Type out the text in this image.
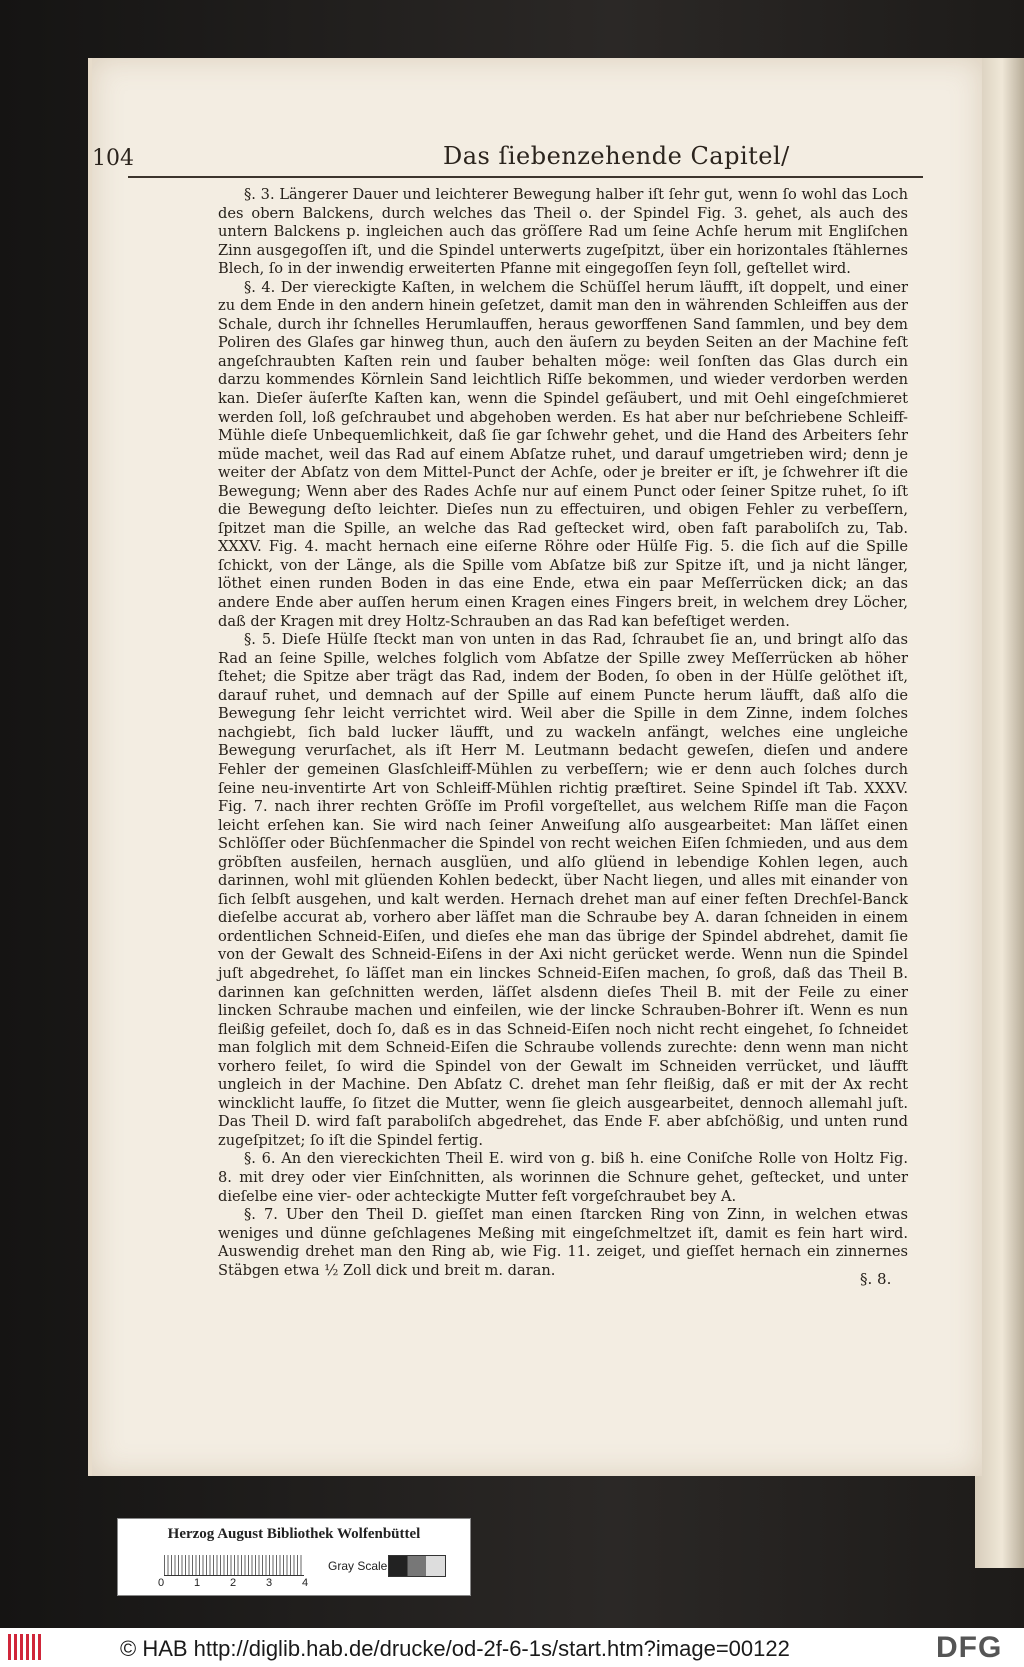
104	Das ſiebenzehende Capitel/

§. 3. Längerer Dauer und leichterer Bewegung halber iſt ſehr gut, wenn ſo wohl das Loch des obern Balckens, durch welches das Theil o. der Spindel Fig. 3. gehet, als auch des untern Balckens p. ingleichen auch das gröſſere Rad um ſeine Achſe herum mit Engliſchen Zinn ausgegoſſen iſt, und die Spindel unterwerts zugeſpitzt, über ein horizontales ſtählernes Blech, ſo in der inwendig erweiterten Pfanne mit eingegoſſen ſeyn ſoll, geſtellet wird.

§. 4. Der viereckigte Kaſten, in welchem die Schüſſel herum läufft, iſt doppelt, und einer zu dem Ende in den andern hinein geſetzet, damit man den in währenden Schleiffen aus der Schale, durch ihr ſchnelles Herumlauffen, heraus geworffenen Sand ſammlen, und bey dem Poliren des Glaſes gar hinweg thun, auch den äuſern zu beyden Seiten an der Machine feſt angeſchraubten Kaſten rein und ſauber behalten möge: weil ſonſten das Glas durch ein darzu kommendes Körnlein Sand leichtlich Riſſe bekommen, und wieder verdorben werden kan. Dieſer äuſerſte Kaſten kan, wenn die Spindel geſäubert, und mit Oehl eingeſchmieret werden ſoll, loß geſchraubet und abgehoben werden. Es hat aber nur beſchriebene Schleiff-Mühle dieſe Unbequemlichkeit, daß ſie gar ſchwehr gehet, und die Hand des Arbeiters ſehr müde machet, weil das Rad auf einem Abſatze ruhet, und darauf umgetrieben wird; denn je weiter der Abſatz von dem Mittel-Punct der Achſe, oder je breiter er iſt, je ſchwehrer iſt die Bewegung; Wenn aber des Rades Achſe nur auf einem Punct oder ſeiner Spitze ruhet, ſo iſt die Bewegung deſto leichter. Dieſes nun zu effectuiren, und obigen Fehler zu verbeſſern, ſpitzet man die Spille, an welche das Rad geſtecket wird, oben faſt paraboliſch zu, Tab. XXXV. Fig. 4. macht hernach eine eiſerne Röhre oder Hülſe Fig. 5. die ſich auf die Spille ſchickt, von der Länge, als die Spille vom Abſatze biß zur Spitze iſt, und ja nicht länger, löthet einen runden Boden in das eine Ende, etwa ein paar Meſſerrücken dick; an das andere Ende aber auſſen herum einen Kragen eines Fingers breit, in welchem drey Löcher, daß der Kragen mit drey Holtz-Schrauben an das Rad kan befeſtiget werden.

§. 5. Dieſe Hülſe ſteckt man von unten in das Rad, ſchraubet ſie an, und bringt alſo das Rad an ſeine Spille, welches folglich vom Abſatze der Spille zwey Meſſerrücken ab höher ſtehet; die Spitze aber trägt das Rad, indem der Boden, ſo oben in der Hülſe gelöthet iſt, darauf ruhet, und demnach auf der Spille auf einem Puncte herum läufft, daß alſo die Bewegung ſehr leicht verrichtet wird. Weil aber die Spille in dem Zinne, indem ſolches nachgiebt, ſich bald lucker läufft, und zu wackeln anfängt, welches eine ungleiche Bewegung verurſachet, als iſt Herr M. Leutmann bedacht geweſen, dieſen und andere Fehler der gemeinen Glasſchleiff-Mühlen zu verbeſſern; wie er denn auch ſolches durch ſeine neu-inventirte Art von Schleiff-Mühlen richtig præſtiret. Seine Spindel iſt Tab. XXXV. Fig. 7. nach ihrer rechten Gröſſe im Profil vorgeſtellet, aus welchem Riſſe man die Façon leicht erſehen kan. Sie wird nach ſeiner Anweiſung alſo ausgearbeitet: Man läſſet einen Schlöſſer oder Büchſenmacher die Spindel von recht weichen Eiſen ſchmieden, und aus dem gröbſten ausfeilen, hernach ausglüen, und alſo glüend in lebendige Kohlen legen, auch darinnen, wohl mit glüenden Kohlen bedeckt, über Nacht liegen, und alles mit einander von ſich ſelbſt ausgehen, und kalt werden. Hernach drehet man auf einer feſten Drechſel-Banck dieſelbe accurat ab, vorhero aber läſſet man die Schraube bey A. daran ſchneiden in einem ordentlichen Schneid-Eiſen, und dieſes ehe man das übrige der Spindel abdrehet, damit ſie von der Gewalt des Schneid-Eiſens in der Axi nicht gerücket werde. Wenn nun die Spindel juſt abgedrehet, ſo läſſet man ein linckes Schneid-Eiſen machen, ſo groß, daß das Theil B. darinnen kan geſchnitten werden, läſſet alsdenn dieſes Theil B. mit der Feile zu einer lincken Schraube machen und einfeilen, wie der lincke Schrauben-Bohrer iſt. Wenn es nun fleißig gefeilet, doch ſo, daß es in das Schneid-Eiſen noch nicht recht eingehet, ſo ſchneidet man folglich mit dem Schneid-Eiſen die Schraube vollends zurechte: denn wenn man nicht vorhero feilet, ſo wird die Spindel von der Gewalt im Schneiden verrücket, und läufft ungleich in der Machine. Den Abſatz C. drehet man ſehr fleißig, daß er mit der Ax recht wincklicht lauffe, ſo ſitzet die Mutter, wenn ſie gleich ausgearbeitet, dennoch allemahl juſt. Das Theil D. wird faſt paraboliſch abgedrehet, das Ende F. aber abſchößig, und unten rund zugeſpitzet; ſo iſt die Spindel fertig.

§. 6. An den viereckichten Theil E. wird von g. biß h. eine Coniſche Rolle von Holtz Fig. 8. mit drey oder vier Einſchnitten, als worinnen die Schnure gehet, geſtecket, und unter dieſelbe eine vier- oder achteckigte Mutter feſt vorgeſchraubet bey A.

§. 7. Uber den Theil D. gieſſet man einen ſtarcken Ring von Zinn, in welchen etwas weniges und dünne geſchlagenes Meßing mit eingeſchmeltzet iſt, damit es fein hart wird. Auswendig drehet man den Ring ab, wie Fig. 11. zeiget, und gieſſet hernach ein zinnernes Stäbgen etwa ½ Zoll dick und breit m. daran.	§. 8.
Herzog August Bibliothek Wolfenbüttel
0	1	2	3	4
Gray Scale
© HAB http://diglib.hab.de/drucke/od-2f-6-1s/start.htm?image=00122	DFG
